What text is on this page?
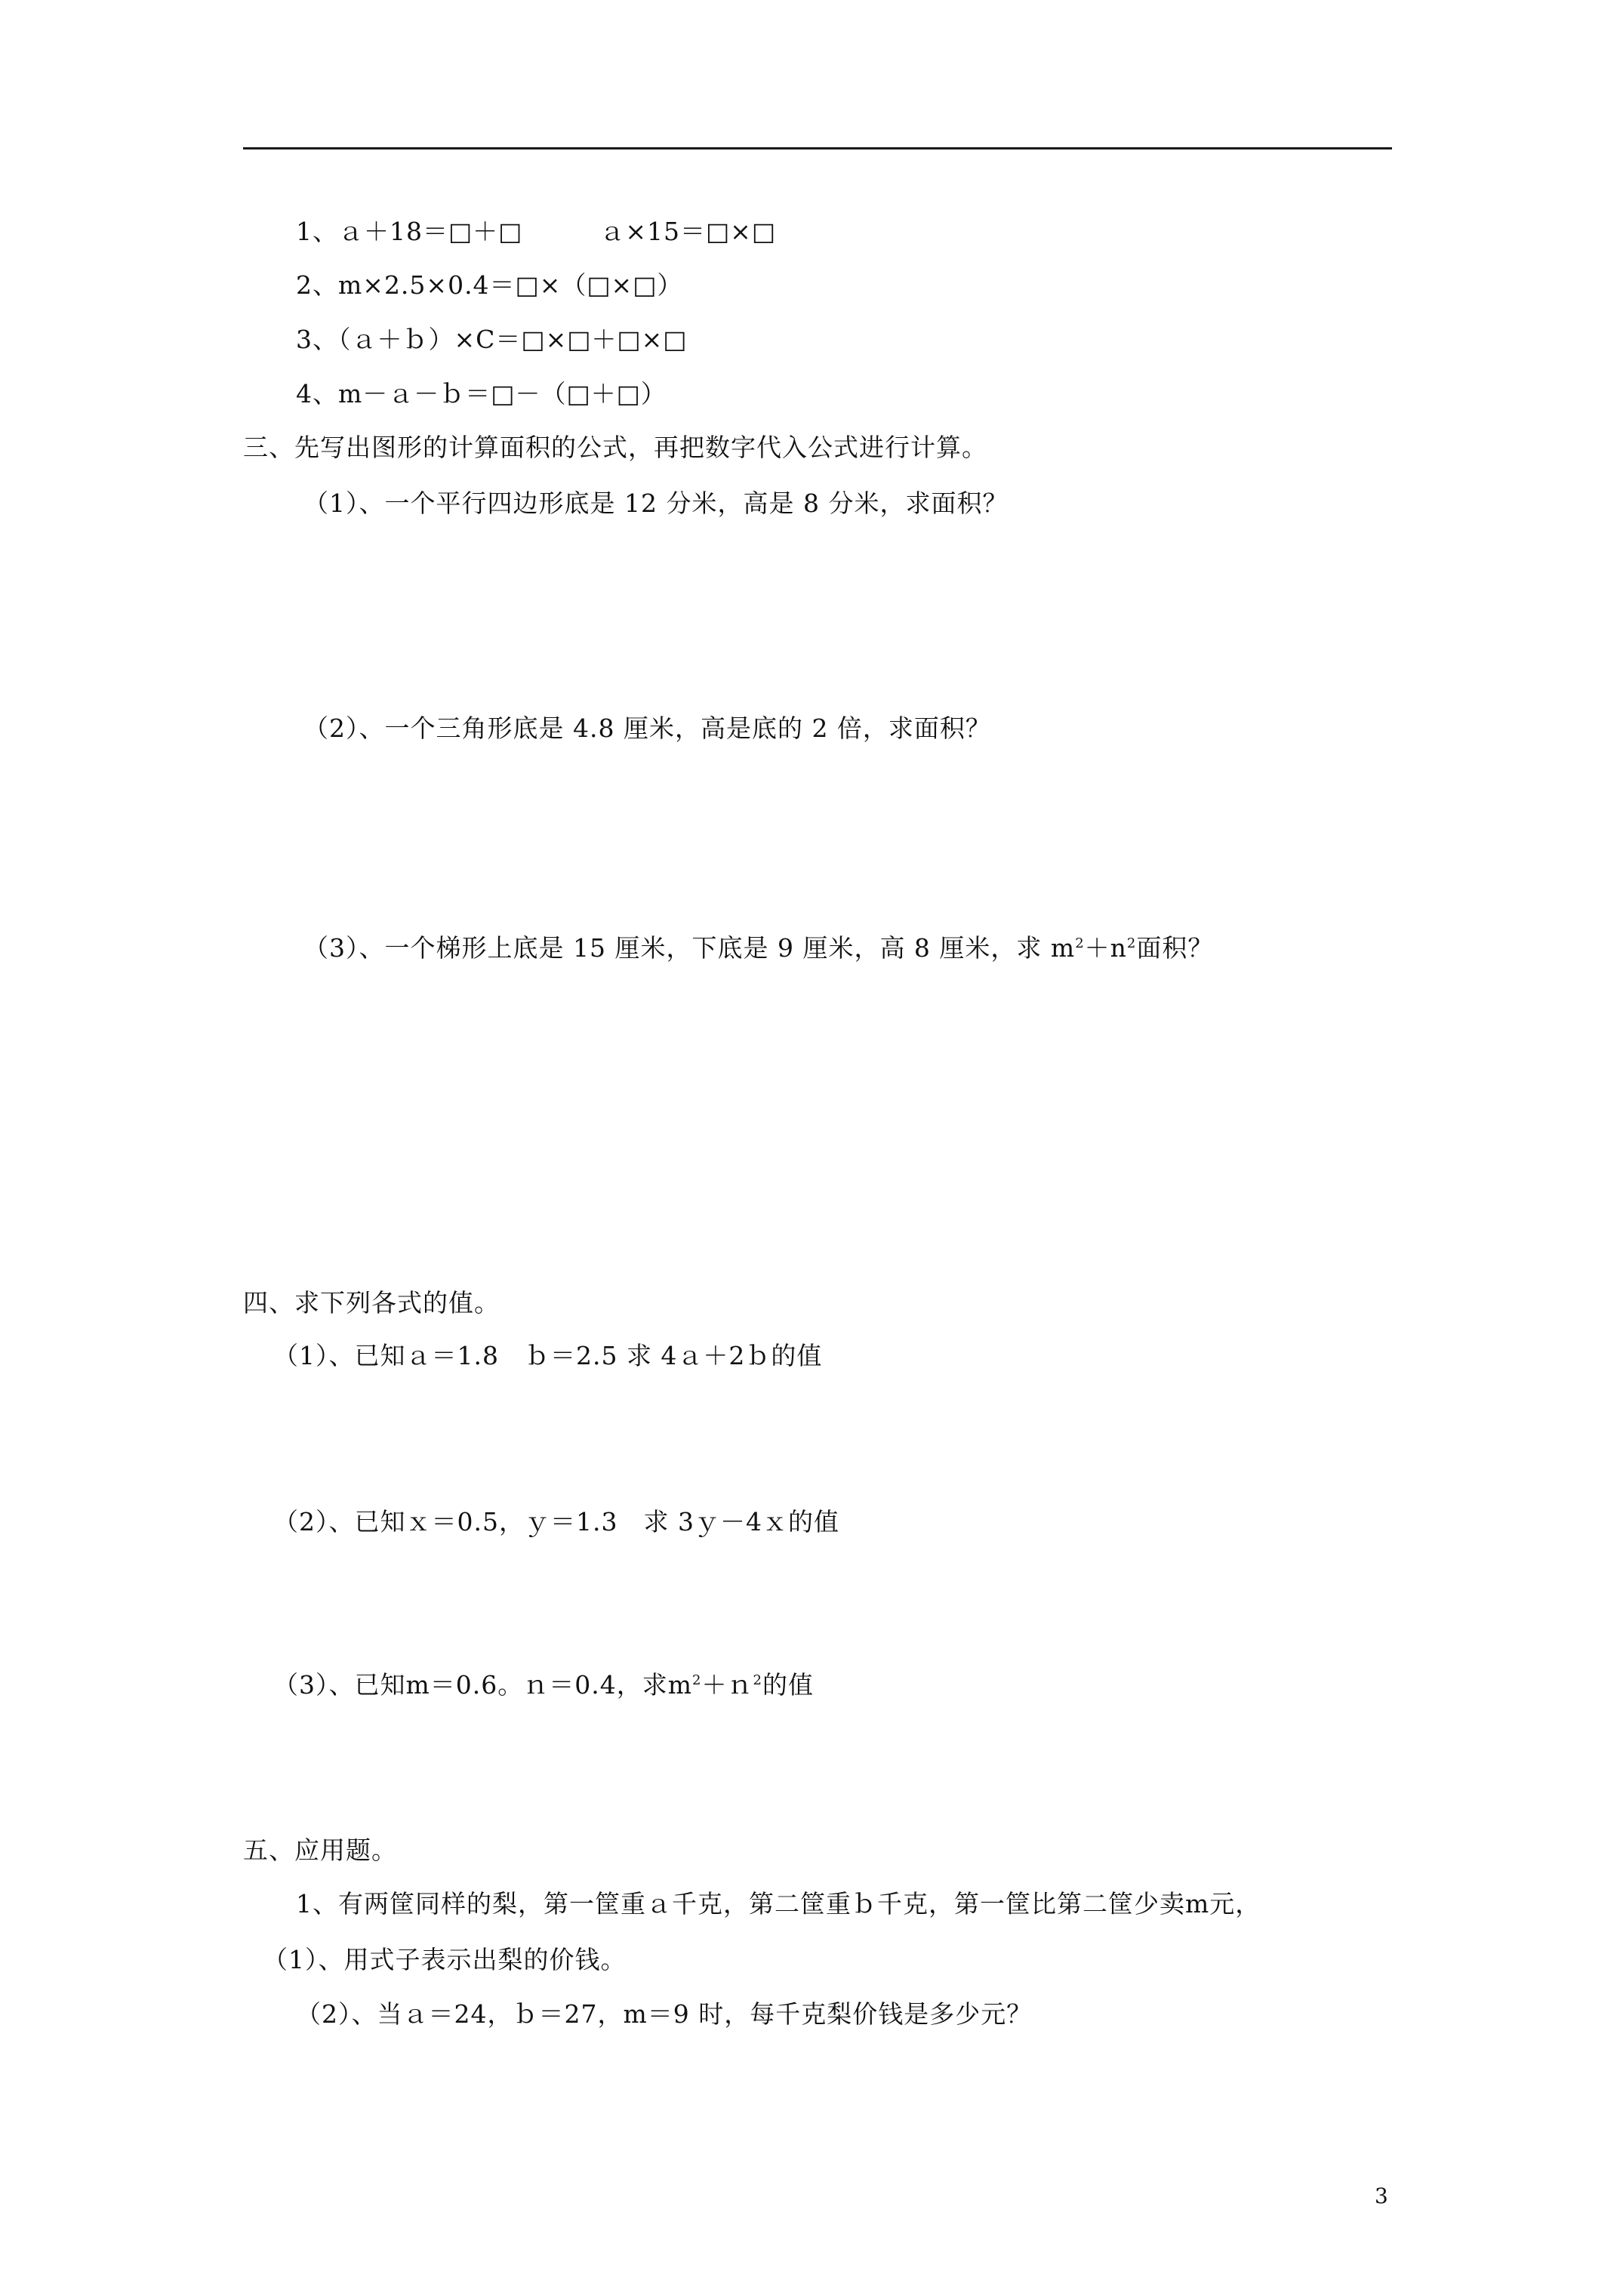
1、ａ＋18＝□＋□　　　ａ×15＝□×□
2、m×2.5×0.4＝□×（□×□）
3、（ａ＋ｂ）×C＝□×□＋□×□
4、m－ａ－ｂ＝□－（□＋□）
三、先写出图形的计算面积的公式，再把数字代入公式进行计算。
（1）、一个平行四边形底是 12 分米，高是 8 分米，求面积？
（2）、一个三角形底是 4.8 厘米，高是底的 2 倍，求面积？
（3）、一个梯形上底是 15 厘米，下底是 9 厘米，高 8 厘米，求 $m^2+n^2$面积？
四、求下列各式的值。
（1）、已知ａ＝1.8　ｂ＝2.5 求 4ａ＋2ｂ的值
（2）、已知ｘ＝0.5，ｙ＝1.3　求 3ｙ－4ｘ的值
（3）、已知m＝0.6。ｎ＝0.4，求$m^2+n^2$的值
五、应用题。
1、有两筐同样的梨，第一筐重ａ千克，第二筐重ｂ千克，第一筐比第二筐少卖m元，
（1）、用式子表示出梨的价钱。
（2）、当ａ＝24，ｂ＝27，m＝9 时，每千克梨价钱是多少元？
3
